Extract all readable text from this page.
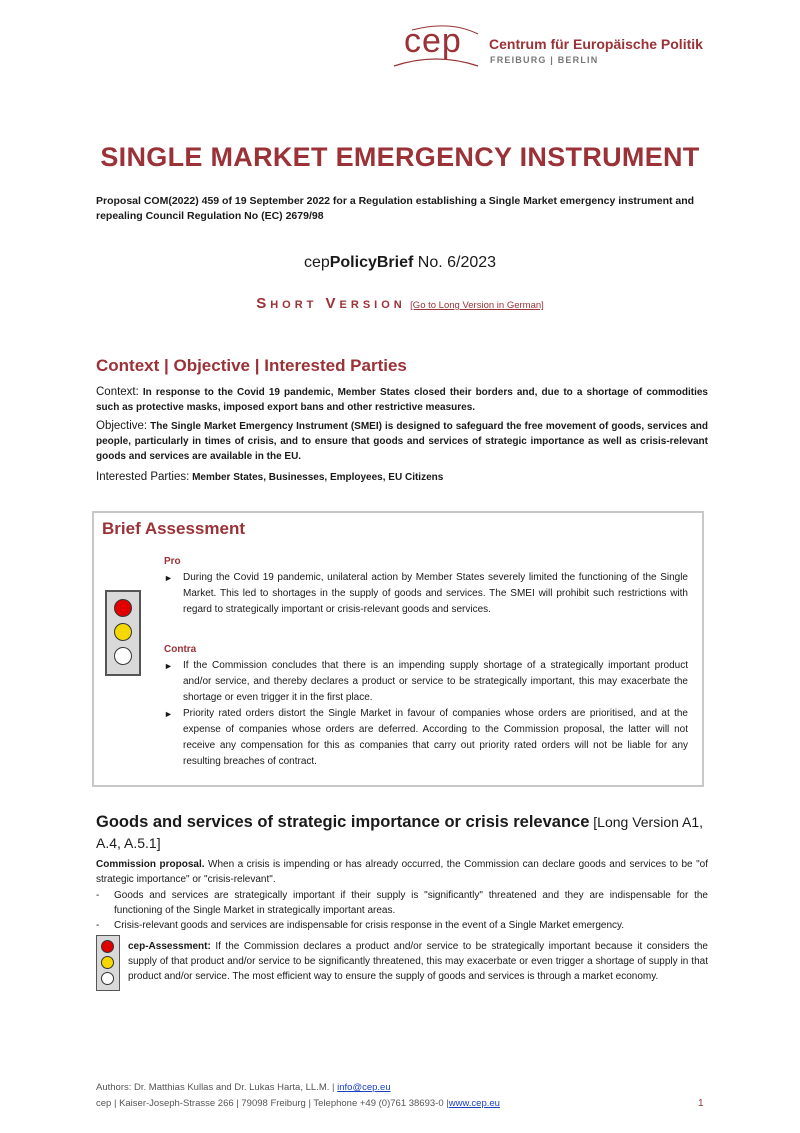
cep Centrum für Europäische Politik
FREIBURG | BERLIN
SINGLE MARKET EMERGENCY INSTRUMENT
Proposal COM(2022) 459 of 19 September 2022 for a Regulation establishing a Single Market emergency instrument and repealing Council Regulation No (EC) 2679/98
cepPolicyBrief No. 6/2023
Short Version [Go to Long Version in German]
Context | Objective | Interested Parties
Context: In response to the Covid 19 pandemic, Member States closed their borders and, due to a shortage of commodities such as protective masks, imposed export bans and other restrictive measures.
Objective: The Single Market Emergency Instrument (SMEI) is designed to safeguard the free movement of goods, services and people, particularly in times of crisis, and to ensure that goods and services of strategic importance as well as crisis-relevant goods and services are available in the EU.
Interested Parties: Member States, Businesses, Employees, EU Citizens
Brief Assessment
Pro
► During the Covid 19 pandemic, unilateral action by Member States severely limited the functioning of the Single Market. This led to shortages in the supply of goods and services. The SMEI will prohibit such restrictions with regard to strategically important or crisis-relevant goods and services.
Contra
► If the Commission concludes that there is an impending supply shortage of a strategically important product and/or service, and thereby declares a product or service to be strategically important, this may exacerbate the shortage or even trigger it in the first place.
► Priority rated orders distort the Single Market in favour of companies whose orders are prioritised, and at the expense of companies whose orders are deferred. According to the Commission proposal, the latter will not receive any compensation for this as companies that carry out priority rated orders will not be liable for any resulting breaches of contract.
Goods and services of strategic importance or crisis relevance [Long Version A1, A.4, A.5.1]
Commission proposal. When a crisis is impending or has already occurred, the Commission can declare goods and services to be "of strategic importance" or "crisis-relevant".
- Goods and services are strategically important if their supply is "significantly" threatened and they are indispensable for the functioning of the Single Market in strategically important areas.
- Crisis-relevant goods and services are indispensable for crisis response in the event of a Single Market emergency.
cep-Assessment: If the Commission declares a product and/or service to be strategically important because it considers the supply of that product and/or service to be significantly threatened, this may exacerbate or even trigger a shortage of supply in that product and/or service. The most efficient way to ensure the supply of goods and services is through a market economy.
Authors: Dr. Matthias Kullas and Dr. Lukas Harta, LL.M. | info@cep.eu
cep | Kaiser-Joseph-Strasse 266 | 79098 Freiburg | Telephone +49 (0)761 38693-0 |www.cep.eu	1
